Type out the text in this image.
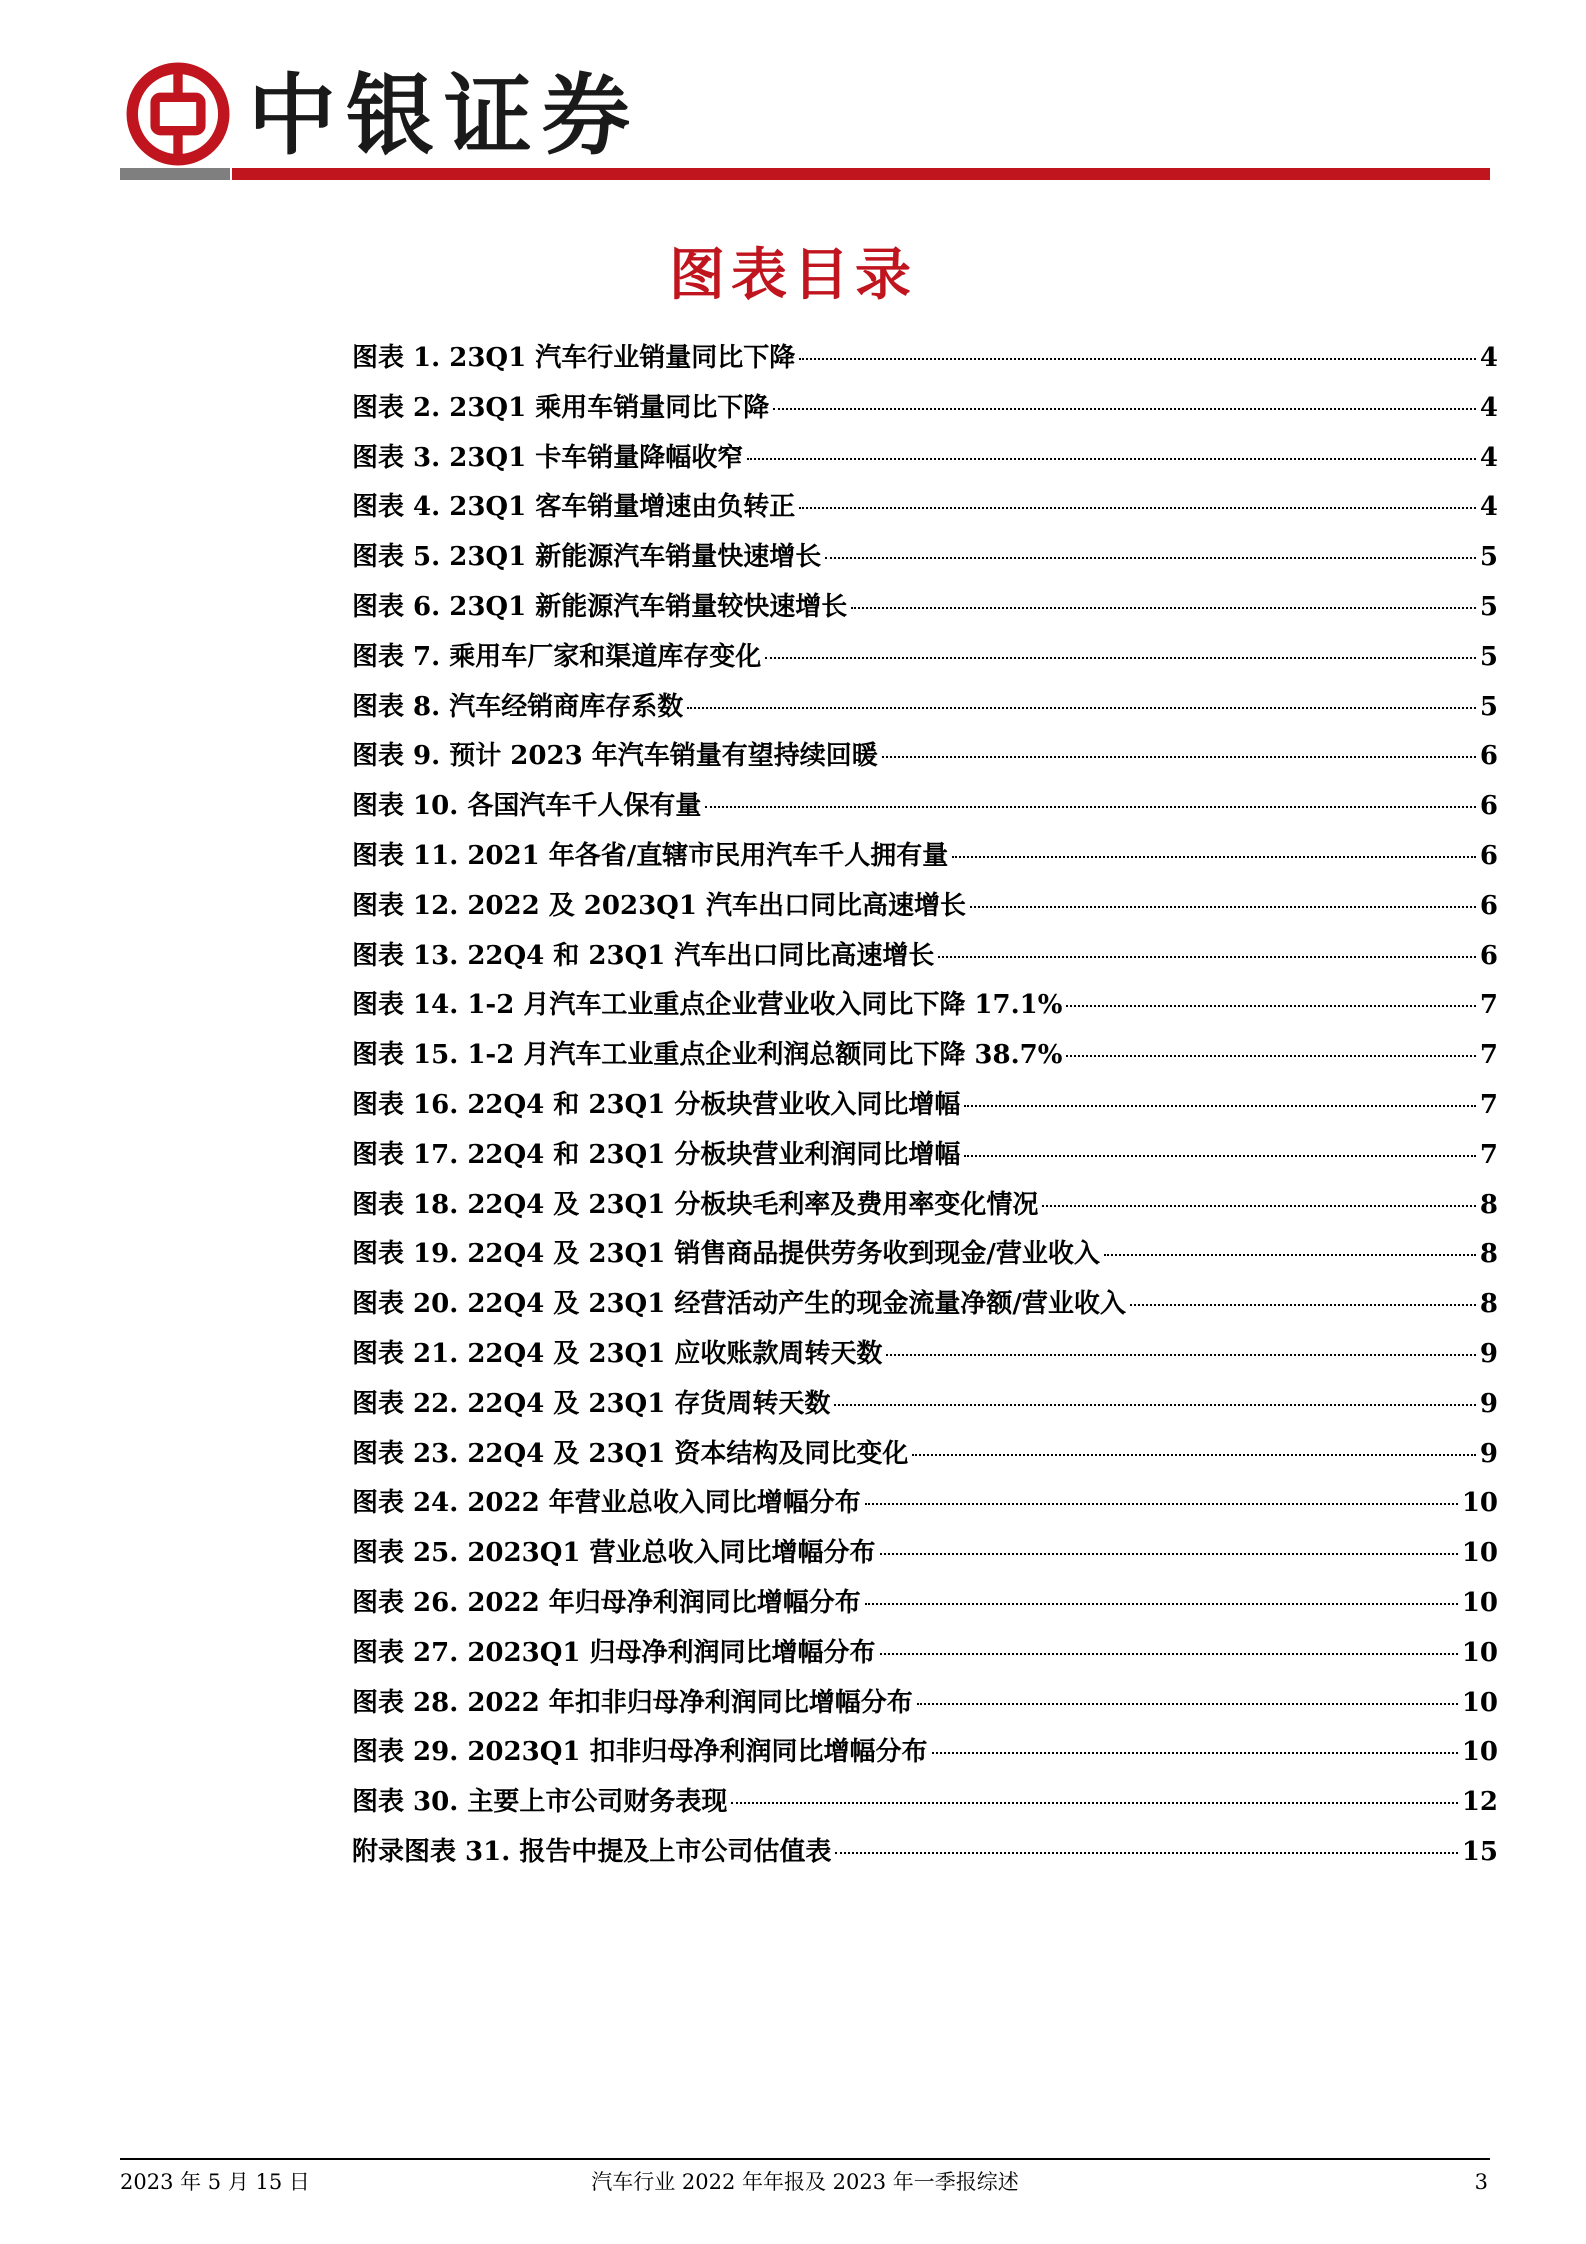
中银证券
图表目录
图表 1. 23Q1 汽车行业销量同比下降	4
图表 2. 23Q1 乘用车销量同比下降	4
图表 3. 23Q1 卡车销量降幅收窄	4
图表 4. 23Q1 客车销量增速由负转正	4
图表 5. 23Q1 新能源汽车销量快速增长	5
图表 6. 23Q1 新能源汽车销量较快速增长	5
图表 7. 乘用车厂家和渠道库存变化	5
图表 8. 汽车经销商库存系数	5
图表 9. 预计 2023 年汽车销量有望持续回暖	6
图表 10. 各国汽车千人保有量	6
图表 11. 2021 年各省/直辖市民用汽车千人拥有量	6
图表 12. 2022 及 2023Q1 汽车出口同比高速增长	6
图表 13. 22Q4 和 23Q1 汽车出口同比高速增长	6
图表 14. 1-2 月汽车工业重点企业营业收入同比下降 17.1%	7
图表 15. 1-2 月汽车工业重点企业利润总额同比下降 38.7%	7
图表 16. 22Q4 和 23Q1 分板块营业收入同比增幅	7
图表 17. 22Q4 和 23Q1 分板块营业利润同比增幅	7
图表 18. 22Q4 及 23Q1 分板块毛利率及费用率变化情况	8
图表 19. 22Q4 及 23Q1 销售商品提供劳务收到现金/营业收入	8
图表 20. 22Q4 及 23Q1 经营活动产生的现金流量净额/营业收入	8
图表 21. 22Q4 及 23Q1 应收账款周转天数	9
图表 22. 22Q4 及 23Q1 存货周转天数	9
图表 23. 22Q4 及 23Q1 资本结构及同比变化	9
图表 24. 2022 年营业总收入同比增幅分布	10
图表 25. 2023Q1 营业总收入同比增幅分布	10
图表 26. 2022 年归母净利润同比增幅分布	10
图表 27. 2023Q1 归母净利润同比增幅分布	10
图表 28. 2022 年扣非归母净利润同比增幅分布	10
图表 29. 2023Q1 扣非归母净利润同比增幅分布	10
图表 30. 主要上市公司财务表现	12
附录图表 31. 报告中提及上市公司估值表	15
2023 年 5 月 15 日	汽车行业 2022 年年报及 2023 年一季报综述	3
